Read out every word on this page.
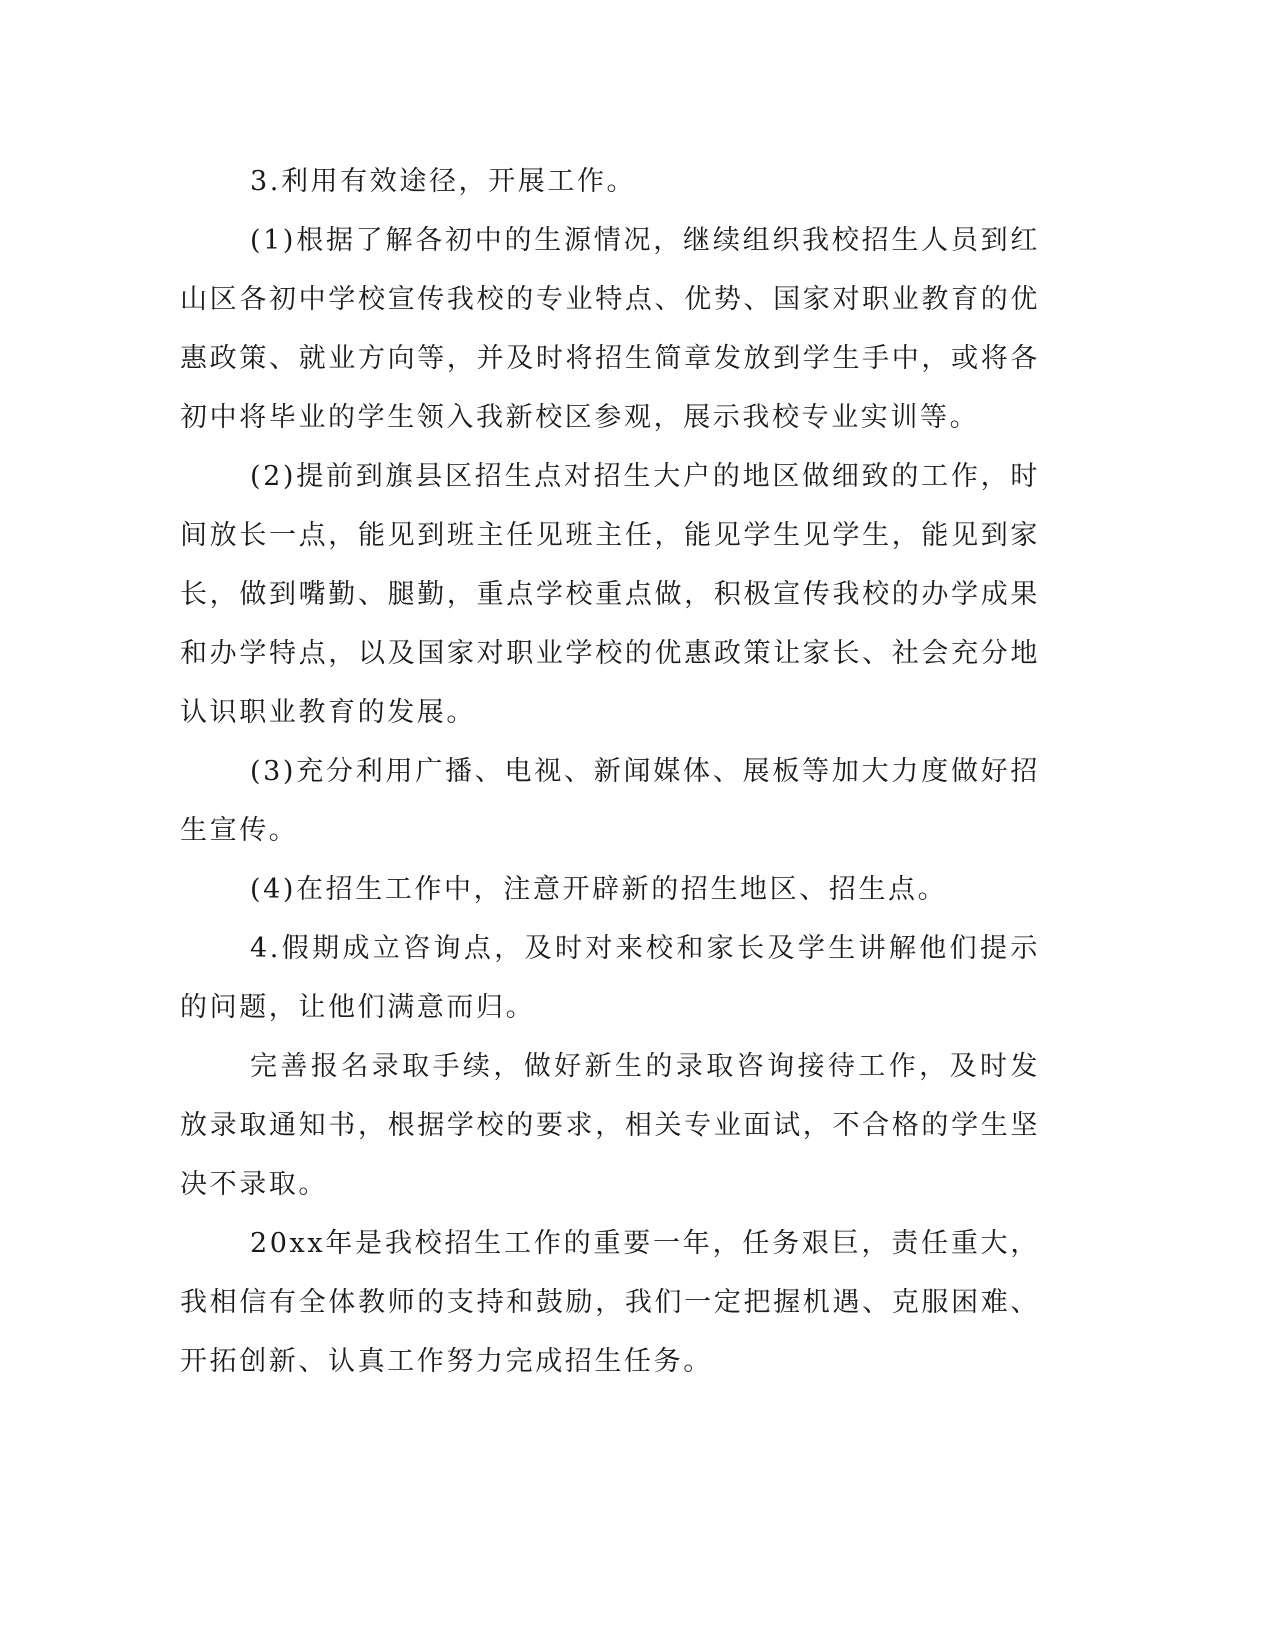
3.利用有效途径，开展工作。

(1)根据了解各初中的生源情况，继续组织我校招生人员到红山区各初中学校宣传我校的专业特点、优势、国家对职业教育的优惠政策、就业方向等，并及时将招生简章发放到学生手中，或将各初中将毕业的学生领入我新校区参观，展示我校专业实训等。

(2)提前到旗县区招生点对招生大户的地区做细致的工作，时间放长一点，能见到班主任见班主任，能见学生见学生，能见到家长，做到嘴勤、腿勤，重点学校重点做，积极宣传我校的办学成果和办学特点，以及国家对职业学校的优惠政策让家长、社会充分地认识职业教育的发展。

(3)充分利用广播、电视、新闻媒体、展板等加大力度做好招生宣传。

(4)在招生工作中，注意开辟新的招生地区、招生点。

4.假期成立咨询点，及时对来校和家长及学生讲解他们提示的问题，让他们满意而归。

完善报名录取手续，做好新生的录取咨询接待工作，及时发放录取通知书，根据学校的要求，相关专业面试，不合格的学生坚决不录取。

20xx年是我校招生工作的重要一年，任务艰巨，责任重大，我相信有全体教师的支持和鼓励，我们一定把握机遇、克服困难、开拓创新、认真工作努力完成招生任务。
